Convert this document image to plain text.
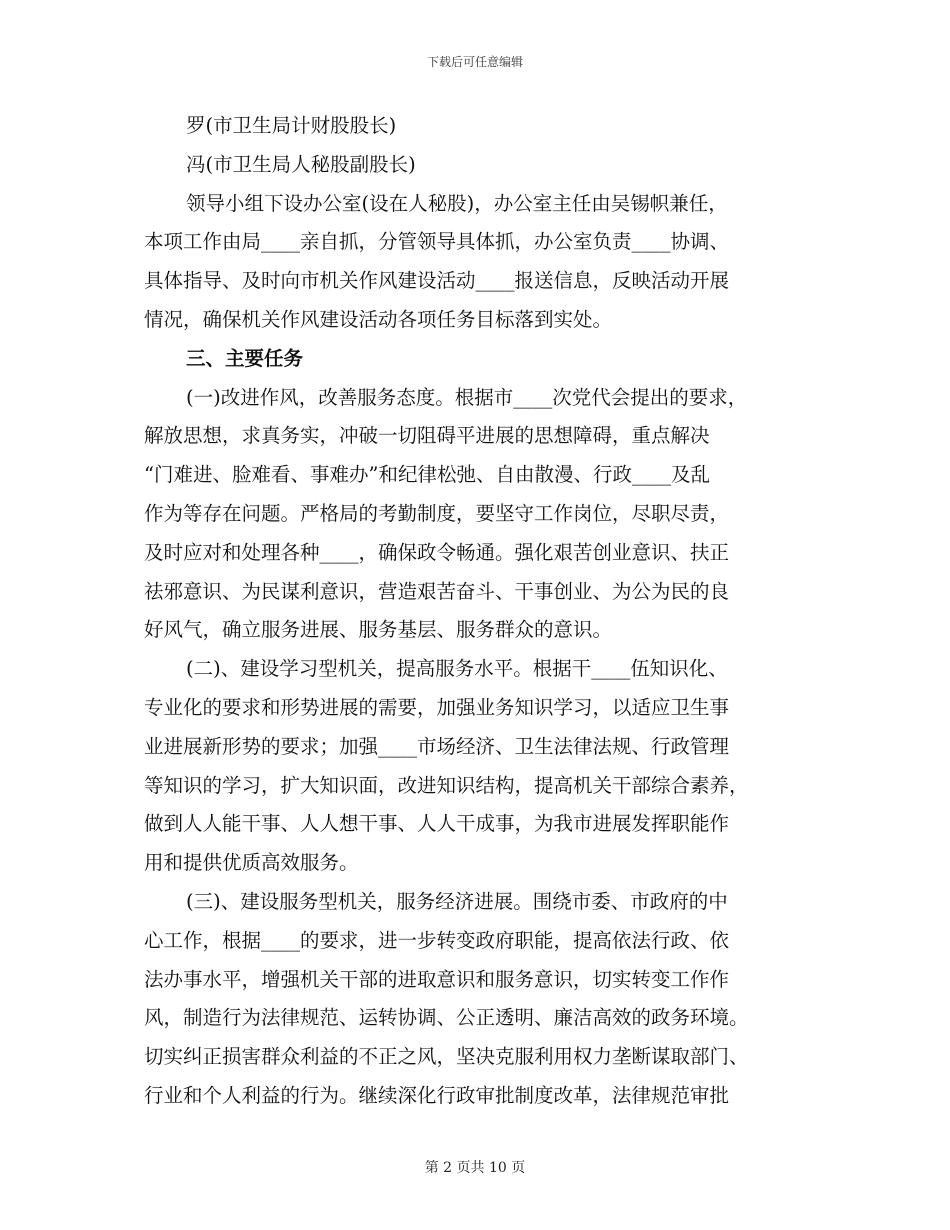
下载后可任意编辑
罗(市卫生局计财股股长)
冯(市卫生局人秘股副股长)
领导小组下设办公室(设在人秘股)，办公室主任由吴锡帜兼任，
本项工作由局____亲自抓，分管领导具体抓，办公室负责____协调、
具体指导、及时向市机关作风建设活动____报送信息，反映活动开展
情况，确保机关作风建设活动各项任务目标落到实处。
三、主要任务
(一)改进作风，改善服务态度。根据市____次党代会提出的要求，
解放思想，求真务实，冲破一切阻碍平进展的思想障碍，重点解决
“门难进、脸难看、事难办”和纪律松弛、自由散漫、行政____及乱
作为等存在问题。严格局的考勤制度，要坚守工作岗位，尽职尽责，
及时应对和处理各种____，确保政令畅通。强化艰苦创业意识、扶正
祛邪意识、为民谋利意识，营造艰苦奋斗、干事创业、为公为民的良
好风气，确立服务进展、服务基层、服务群众的意识。
(二)、建设学习型机关，提高服务水平。根据干____伍知识化、
专业化的要求和形势进展的需要，加强业务知识学习，以适应卫生事
业进展新形势的要求；加强____市场经济、卫生法律法规、行政管理
等知识的学习，扩大知识面，改进知识结构，提高机关干部综合素养，
做到人人能干事、人人想干事、人人干成事，为我市进展发挥职能作
用和提供优质高效服务。
(三)、建设服务型机关，服务经济进展。围绕市委、市政府的中
心工作，根据____的要求，进一步转变政府职能，提高依法行政、依
法办事水平，增强机关干部的进取意识和服务意识，切实转变工作作
风，制造行为法律规范、运转协调、公正透明、廉洁高效的政务环境。
切实纠正损害群众利益的不正之风，坚决克服利用权力垄断谋取部门、
行业和个人利益的行为。继续深化行政审批制度改革，法律规范审批
第 2 页共 10 页
